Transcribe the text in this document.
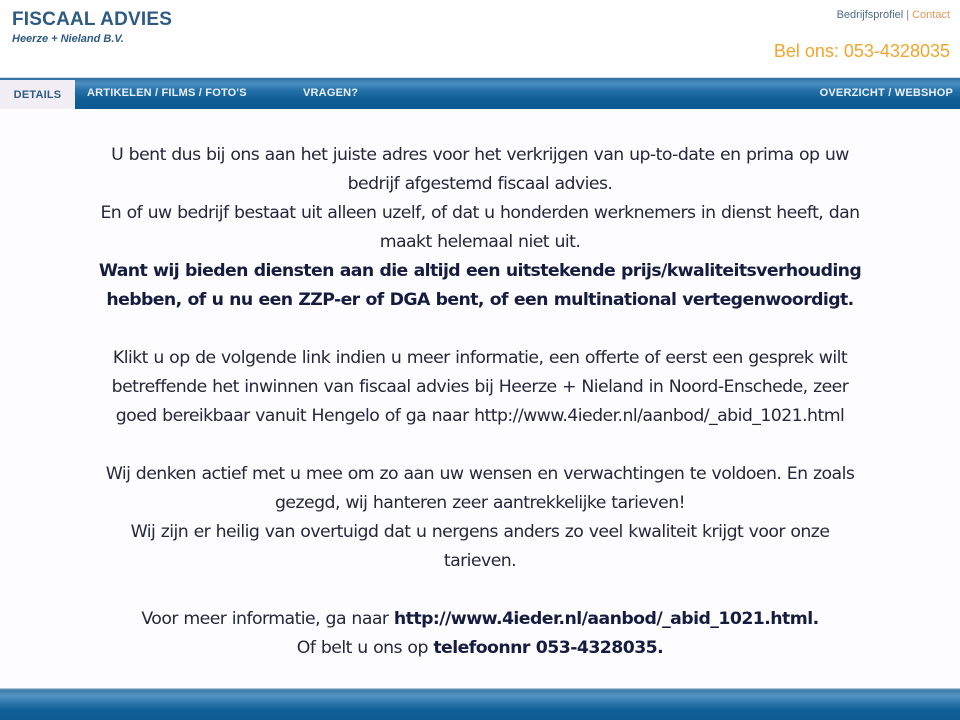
FISCAAL ADVIES
Heerze + Nieland B.V.
Bedrijfsprofiel | Contact
Bel ons: 053-4328035
DETAILS	ARTIKELEN / FILMS / FOTO'S	VRAGEN?	OVERZICHT / WEBSHOP

U bent dus bij ons aan het juiste adres voor het verkrijgen van up-to-date en prima op uw

bedrijf afgestemd fiscaal advies.

En of uw bedrijf bestaat uit alleen uzelf, of dat u honderden werknemers in dienst heeft, dan

maakt helemaal niet uit.

Want wij bieden diensten aan die altijd een uitstekende prijs/kwaliteitsverhouding

hebben, of u nu een ZZP-er of DGA bent, of een multinational vertegenwoordigt.

Klikt u op de volgende link indien u meer informatie, een offerte of eerst een gesprek wilt

betreffende het inwinnen van fiscaal advies bij Heerze + Nieland in Noord-Enschede, zeer

goed bereikbaar vanuit Hengelo of ga naar http://www.4ieder.nl/aanbod/_abid_1021.html

Wij denken actief met u mee om zo aan uw wensen en verwachtingen te voldoen. En zoals

gezegd, wij hanteren zeer aantrekkelijke tarieven!

Wij zijn er heilig van overtuigd dat u nergens anders zo veel kwaliteit krijgt voor onze

tarieven.

Voor meer informatie, ga naar http://www.4ieder.nl/aanbod/_abid_1021.html.

Of belt u ons op telefoonnr 053-4328035.
